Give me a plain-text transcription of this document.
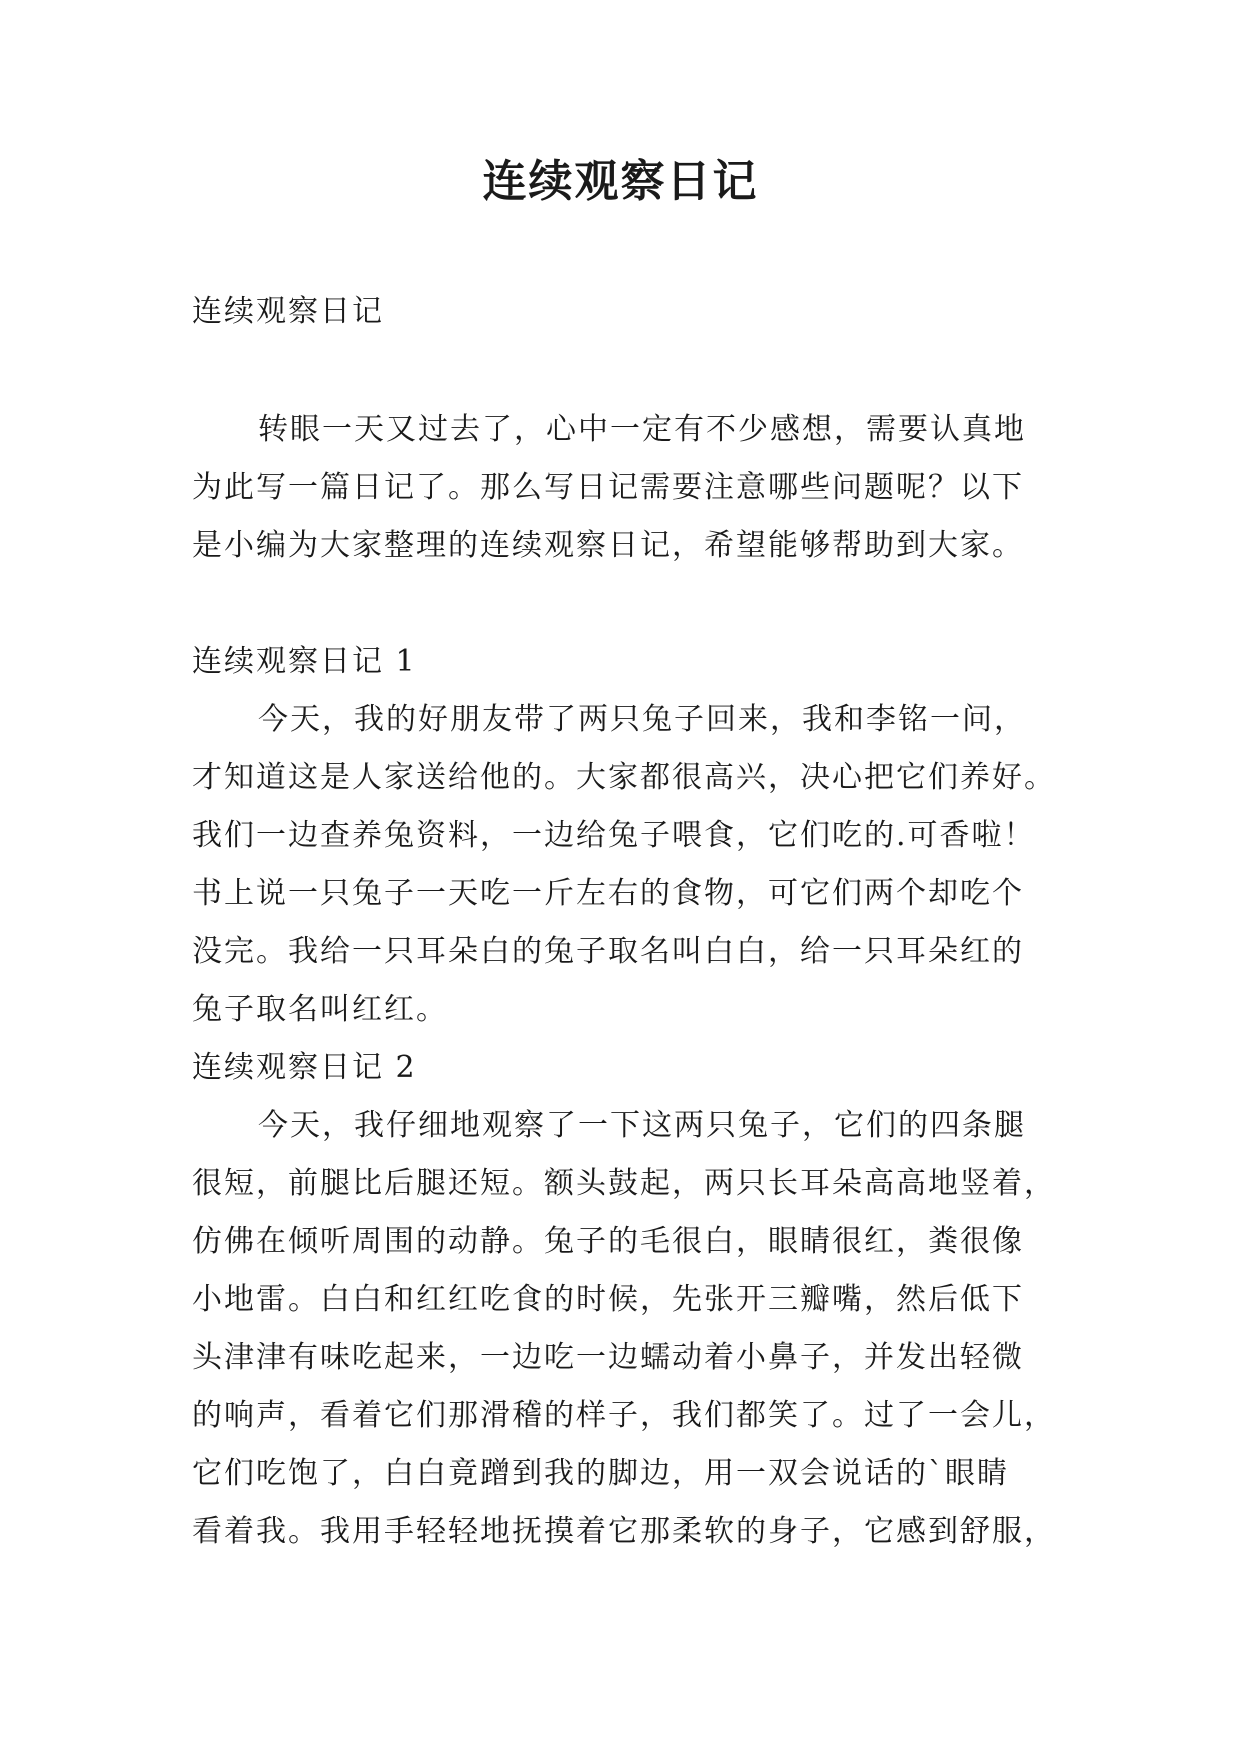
连续观察日记

连续观察日记

转眼一天又过去了，心中一定有不少感想，需要认真地

为此写一篇日记了。那么写日记需要注意哪些问题呢？以下

是小编为大家整理的连续观察日记，希望能够帮助到大家。

连续观察日记 1

今天，我的好朋友带了两只兔子回来，我和李铭一问，

才知道这是人家送给他的。大家都很高兴，决心把它们养好。

我们一边查养兔资料，一边给兔子喂食，它们吃的.可香啦！

书上说一只兔子一天吃一斤左右的食物，可它们两个却吃个

没完。我给一只耳朵白的兔子取名叫白白，给一只耳朵红的

兔子取名叫红红。

连续观察日记 2

今天，我仔细地观察了一下这两只兔子，它们的四条腿

很短，前腿比后腿还短。额头鼓起，两只长耳朵高高地竖着，

仿佛在倾听周围的动静。兔子的毛很白，眼睛很红，粪很像

小地雷。白白和红红吃食的时候，先张开三瓣嘴，然后低下

头津津有味吃起来，一边吃一边蠕动着小鼻子，并发出轻微

的响声，看着它们那滑稽的样子，我们都笑了。过了一会儿，

它们吃饱了，白白竟蹭到我的脚边，用一双会说话的`眼睛

看着我。我用手轻轻地抚摸着它那柔软的身子，它感到舒服，
